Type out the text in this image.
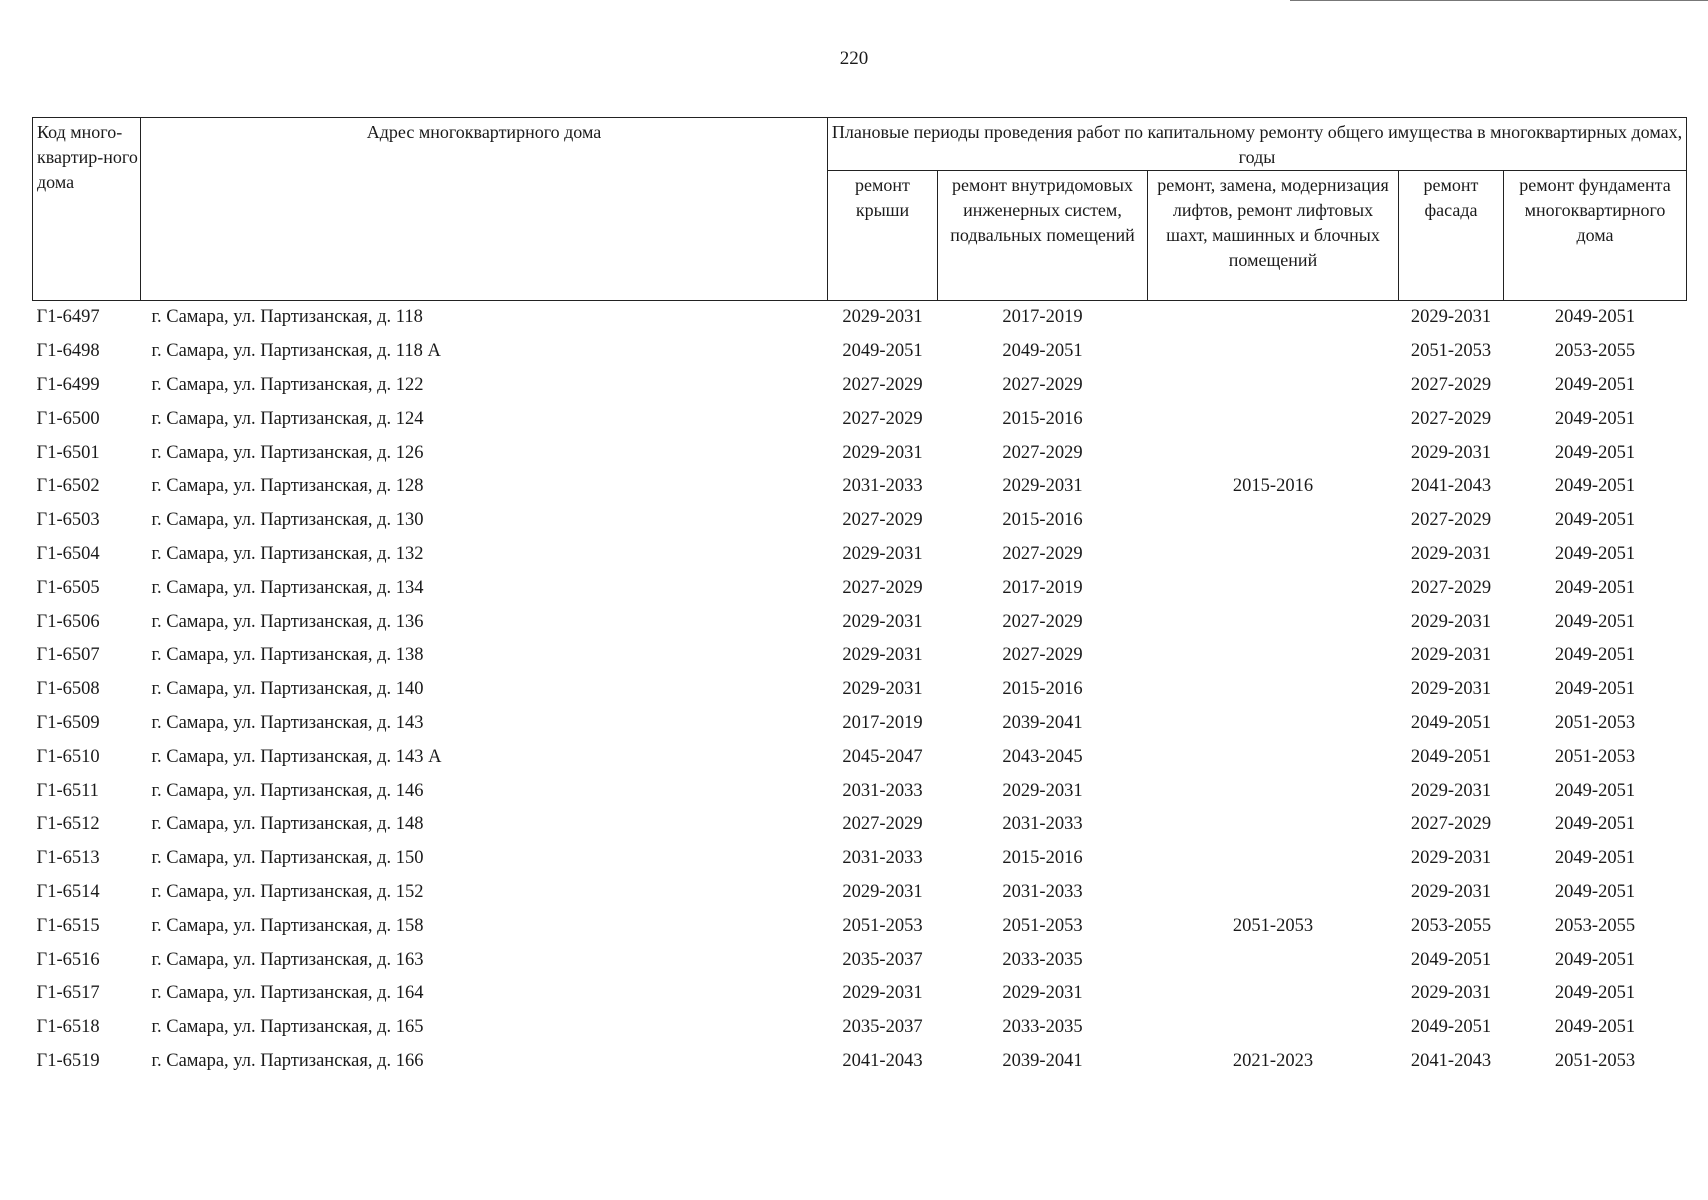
220
Код много-квартир-ного дома	Адрес многоквартирного дома	Плановые периоды проведения работ по капитальному ремонту общего имущества в многоквартирных домах, годы				
		ремонт крыши	ремонт внутридомовых инженерных систем, подвальных помещений	ремонт, замена, модернизация лифтов, ремонт лифтовых шахт, машинных и блочных помещений	ремонт фасада	ремонт фундамента многоквартирного дома
Г1-6497	г. Самара, ул. Партизанская, д. 118	2029-2031	2017-2019		2029-2031	2049-2051
Г1-6498	г. Самара, ул. Партизанская, д. 118 А	2049-2051	2049-2051		2051-2053	2053-2055
Г1-6499	г. Самара, ул. Партизанская, д. 122	2027-2029	2027-2029		2027-2029	2049-2051
Г1-6500	г. Самара, ул. Партизанская, д. 124	2027-2029	2015-2016		2027-2029	2049-2051
Г1-6501	г. Самара, ул. Партизанская, д. 126	2029-2031	2027-2029		2029-2031	2049-2051
Г1-6502	г. Самара, ул. Партизанская, д. 128	2031-2033	2029-2031	2015-2016	2041-2043	2049-2051
Г1-6503	г. Самара, ул. Партизанская, д. 130	2027-2029	2015-2016		2027-2029	2049-2051
Г1-6504	г. Самара, ул. Партизанская, д. 132	2029-2031	2027-2029		2029-2031	2049-2051
Г1-6505	г. Самара, ул. Партизанская, д. 134	2027-2029	2017-2019		2027-2029	2049-2051
Г1-6506	г. Самара, ул. Партизанская, д. 136	2029-2031	2027-2029		2029-2031	2049-2051
Г1-6507	г. Самара, ул. Партизанская, д. 138	2029-2031	2027-2029		2029-2031	2049-2051
Г1-6508	г. Самара, ул. Партизанская, д. 140	2029-2031	2015-2016		2029-2031	2049-2051
Г1-6509	г. Самара, ул. Партизанская, д. 143	2017-2019	2039-2041		2049-2051	2051-2053
Г1-6510	г. Самара, ул. Партизанская, д. 143 А	2045-2047	2043-2045		2049-2051	2051-2053
Г1-6511	г. Самара, ул. Партизанская, д. 146	2031-2033	2029-2031		2029-2031	2049-2051
Г1-6512	г. Самара, ул. Партизанская, д. 148	2027-2029	2031-2033		2027-2029	2049-2051
Г1-6513	г. Самара, ул. Партизанская, д. 150	2031-2033	2015-2016		2029-2031	2049-2051
Г1-6514	г. Самара, ул. Партизанская, д. 152	2029-2031	2031-2033		2029-2031	2049-2051
Г1-6515	г. Самара, ул. Партизанская, д. 158	2051-2053	2051-2053	2051-2053	2053-2055	2053-2055
Г1-6516	г. Самара, ул. Партизанская, д. 163	2035-2037	2033-2035		2049-2051	2049-2051
Г1-6517	г. Самара, ул. Партизанская, д. 164	2029-2031	2029-2031		2029-2031	2049-2051
Г1-6518	г. Самара, ул. Партизанская, д. 165	2035-2037	2033-2035		2049-2051	2049-2051
Г1-6519	г. Самара, ул. Партизанская, д. 166	2041-2043	2039-2041	2021-2023	2041-2043	2051-2053
